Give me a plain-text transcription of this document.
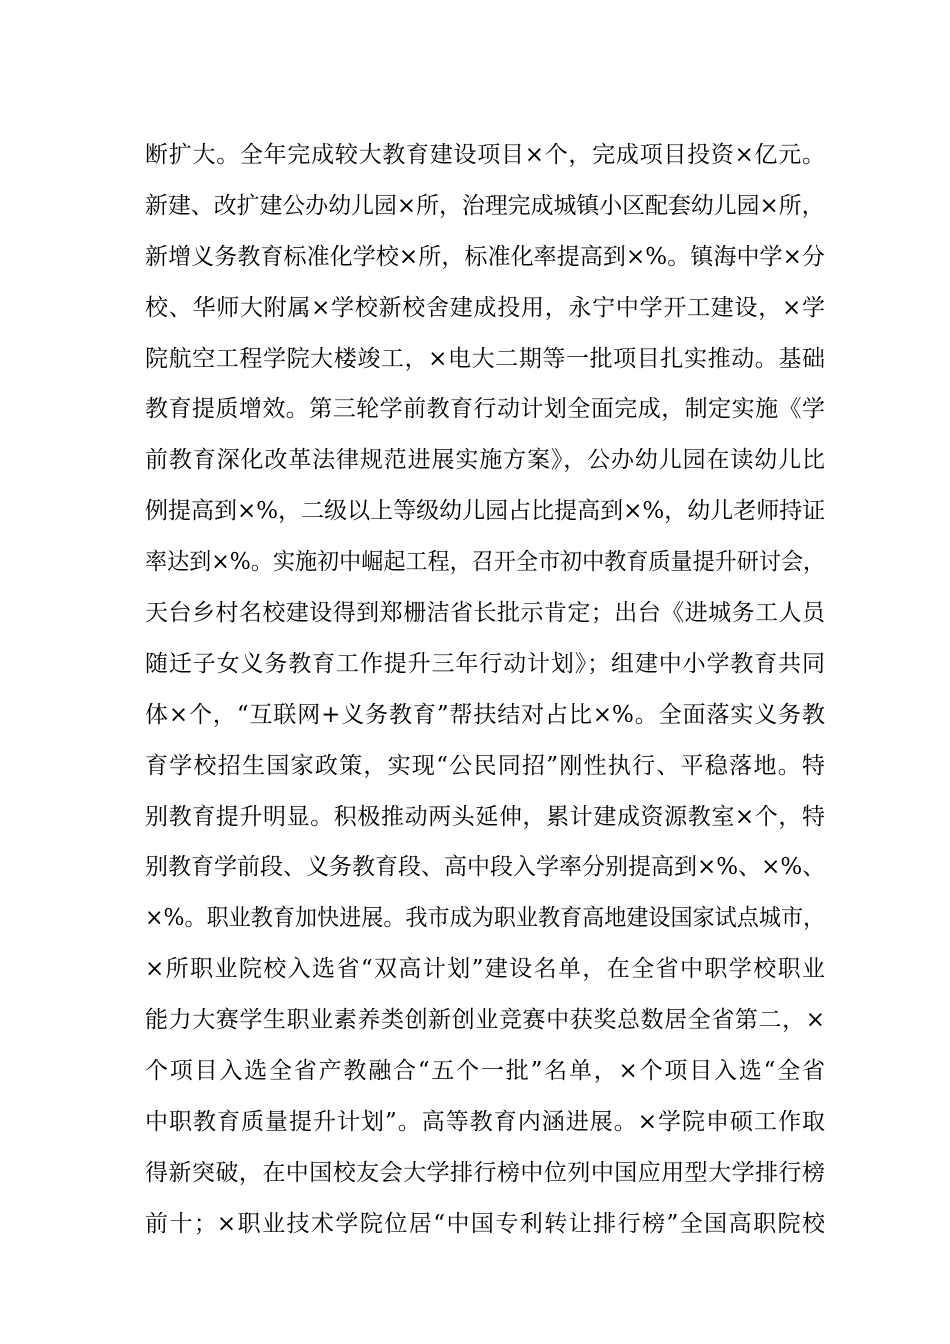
断扩大。全年完成较大教育建设项目×个，完成项目投资×亿元。
新建、改扩建公办幼儿园×所，治理完成城镇小区配套幼儿园×所，
新增义务教育标准化学校×所，标准化率提高到×%。镇海中学×分
校、华师大附属×学校新校舍建成投用，永宁中学开工建设，×学
院航空工程学院大楼竣工，×电大二期等一批项目扎实推动。基础
教育提质增效。第三轮学前教育行动计划全面完成，制定实施《学
前教育深化改革法律规范进展实施方案》，公办幼儿园在读幼儿比
例提高到×%，二级以上等级幼儿园占比提高到×%，幼儿老师持证
率达到×%。实施初中崛起工程，召开全市初中教育质量提升研讨会，
天台乡村名校建设得到郑栅洁省长批示肯定；出台《进城务工人员
随迁子女义务教育工作提升三年行动计划》；组建中小学教育共同
体×个，“互联网+义务教育”帮扶结对占比×%。全面落实义务教
育学校招生国家政策，实现“公民同招”刚性执行、平稳落地。特
别教育提升明显。积极推动两头延伸，累计建成资源教室×个，特
别教育学前段、义务教育段、高中段入学率分别提高到×%、×%、
×%。职业教育加快进展。我市成为职业教育高地建设国家试点城市，
×所职业院校入选省“双高计划”建设名单，在全省中职学校职业
能力大赛学生职业素养类创新创业竞赛中获奖总数居全省第二，×
个项目入选全省产教融合“五个一批”名单，×个项目入选“全省
中职教育质量提升计划”。高等教育内涵进展。×学院申硕工作取
得新突破，在中国校友会大学排行榜中位列中国应用型大学排行榜
前十；×职业技术学院位居“中国专利转让排行榜”全国高职院校
